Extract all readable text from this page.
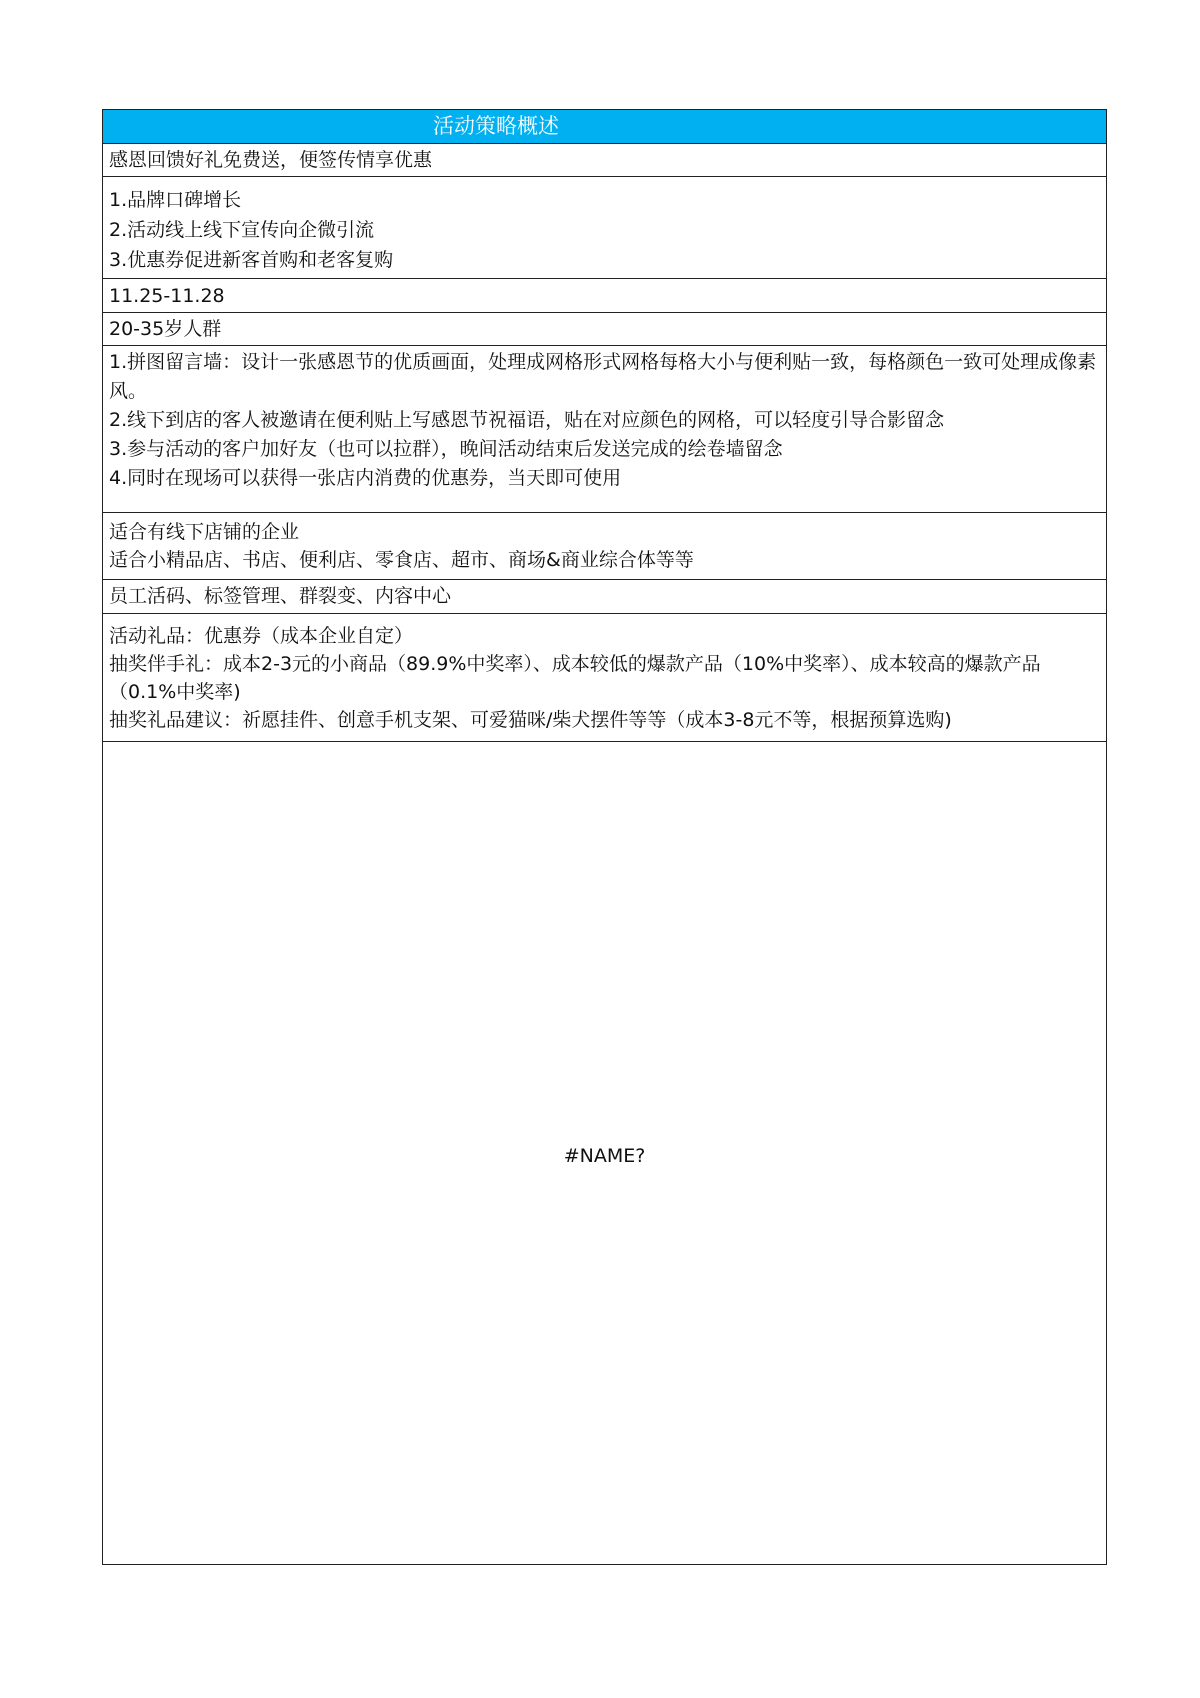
活动策略概述
感恩回馈好礼免费送，便签传情享优惠
1.品牌口碑增长
2.活动线上线下宣传向企微引流
3.优惠券促进新客首购和老客复购
11.25-11.28
20-35岁人群
1.拼图留言墙：设计一张感恩节的优质画面，处理成网格形式网格每格大小与便利贴一致，每格颜色一致可处理成像素风。
2.线下到店的客人被邀请在便利贴上写感恩节祝福语，贴在对应颜色的网格，可以轻度引导合影留念
3.参与活动的客户加好友（也可以拉群），晚间活动结束后发送完成的绘卷墙留念
4.同时在现场可以获得一张店内消费的优惠券，当天即可使用
适合有线下店铺的企业
适合小精品店、书店、便利店、零食店、超市、商场&商业综合体等等
员工活码、标签管理、群裂变、内容中心
活动礼品：优惠券（成本企业自定）
抽奖伴手礼：成本2-3元的小商品（89.9%中奖率）、成本较低的爆款产品（10%中奖率）、成本较高的爆款产品（0.1%中奖率)
抽奖礼品建议：祈愿挂件、创意手机支架、可爱猫咪/柴犬摆件等等（成本3-8元不等，根据预算选购)
#NAME?
